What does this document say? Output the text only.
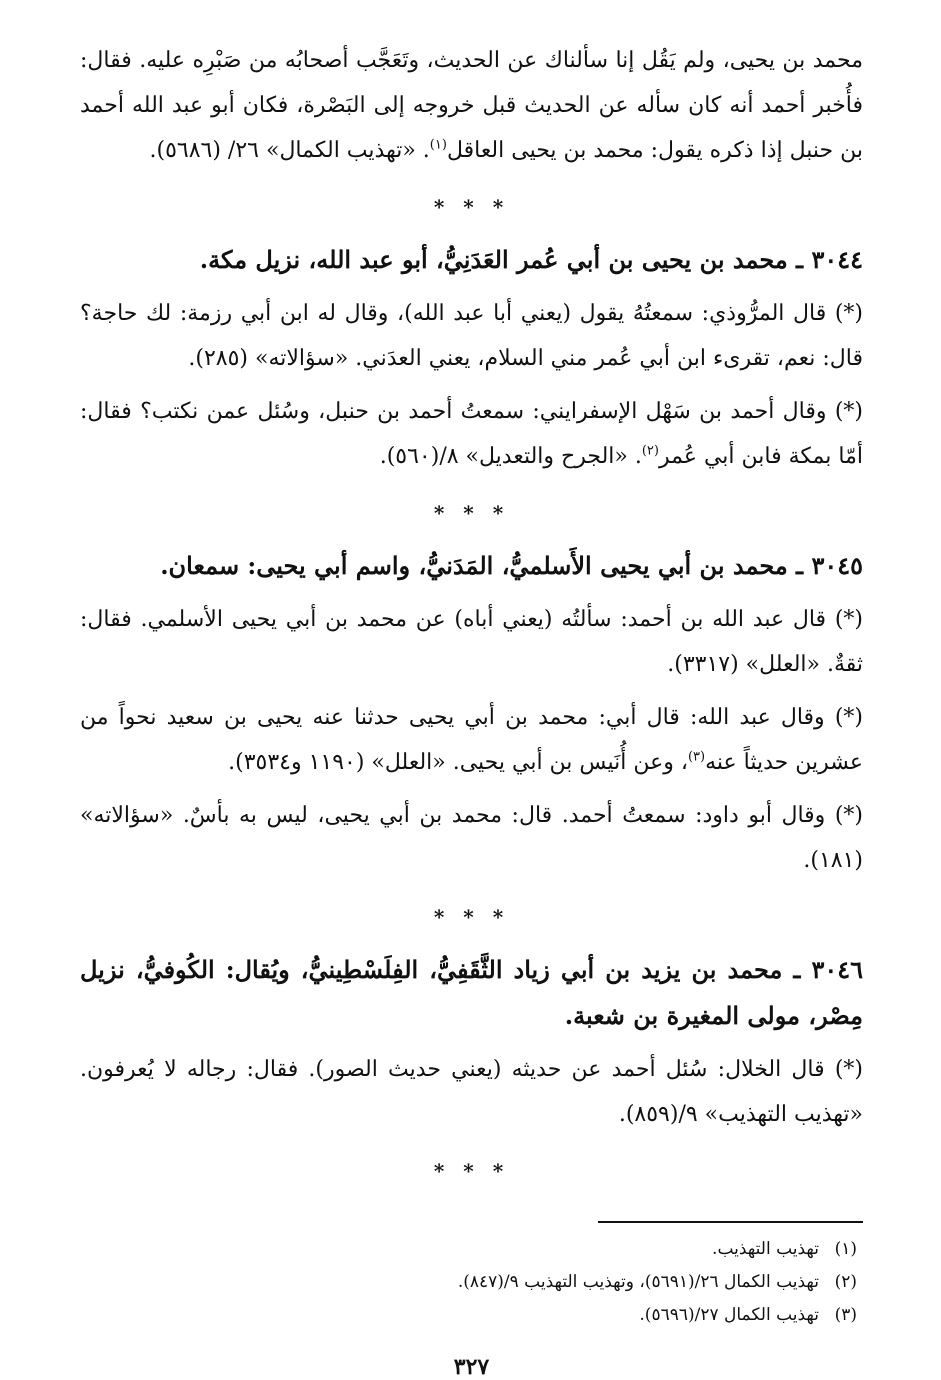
محمد بن يحيى، ولم يَقُل إنا سألناك عن الحديث، وتَعَجَّب أصحابُه من صَبْرِه عليه. فقال: فأُخبر أحمد أنه كان سأله عن الحديث قبل خروجه إلى البَصْرة، فكان أبو عبد الله أحمد بن حنبل إذا ذكره يقول: محمد بن يحيى العاقل$^{(١)}$. «تهذيب الكمال» ٢٦/ (٥٦٨٦).

* * *

٣٠٤٤ ـ محمد بن يحيى بن أبي عُمر العَدَنِيُّ، أبو عبد الله، نزيل مكة.

(*) قال المرُّوذي: سمعتُهُ يقول (يعني أبا عبد الله)، وقال له ابن أبي رزمة: لك حاجة؟ قال: نعم، تقرىء ابن أبي عُمر مني السلام، يعني العدَني. «سؤالاته» (٢٨٥).

(*) وقال أحمد بن سَهْل الإسفرايني: سمعتُ أحمد بن حنبل، وسُئل عمن نكتب؟ فقال: أمّا بمكة فابن أبي عُمر$^{(٢)}$. «الجرح والتعديل» ٨/(٥٦٠).

* * *

٣٠٤٥ ـ محمد بن أبي يحيى الأَسلميُّ، المَدَنيُّ، واسم أبي يحيى: سمعان.

(*) قال عبد الله بن أحمد: سألتُه (يعني أباه) عن محمد بن أبي يحيى الأسلمي. فقال: ثقةٌ. «العلل» (٣٣١٧).

(*) وقال عبد الله: قال أبي: محمد بن أبي يحيى حدثنا عنه يحيى بن سعيد نحواً من عشرين حديثاً عنه$^{(٣)}$، وعن أُنَيس بن أبي يحيى. «العلل» (١١٩٠ و٣٥٣٤).

(*) وقال أبو داود: سمعتُ أحمد. قال: محمد بن أبي يحيى، ليس به بأسٌ. «سؤالاته» (١٨١).

* * *

٣٠٤٦ ـ محمد بن يزيد بن أبي زياد الثَّقَفِيُّ، الفِلَسْطِينيُّ، ويُقال: الكُوفيُّ، نزيل مِصْر، مولى المغيرة بن شعبة.

(*) قال الخلال: سُئل أحمد عن حديثه (يعني حديث الصور). فقال: رجاله لا يُعرفون. «تهذيب التهذيب» ٩/(٨٥٩).

* * *

(١)تهذيب التهذيب.

(٢)تهذيب الكمال ٢٦/(٥٦٩١)، وتهذيب التهذيب ٩/(٨٤٧).

(٣)تهذيب الكمال ٢٧/(٥٦٩٦).

٣٢٧
